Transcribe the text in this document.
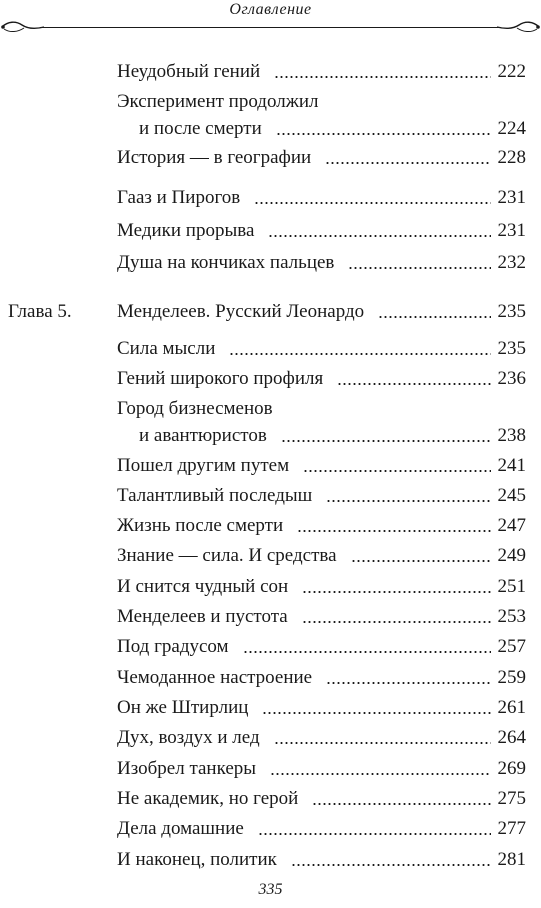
Оглавление
Неудобный гений	222
Эксперимент продолжил
и после смерти	224
История — в географии	228
Гааз и Пирогов	231
Медики прорыва	231
Душа на кончиках пальцев	232
Глава 5. Менделеев. Русский Леонардо	235
Сила мысли	235
Гений широкого профиля	236
Город бизнесменов
и авантюристов	238
Пошел другим путем	241
Талантливый последыш	245
Жизнь после смерти	247
Знание — сила. И средства	249
И снится чудный сон	251
Менделеев и пустота	253
Под градусом	257
Чемоданное настроение	259
Он же Штирлиц	261
Дух, воздух и лед	264
Изобрел танкеры	269
Не академик, но герой	275
Дела домашние	277
И наконец, политик	281
335
